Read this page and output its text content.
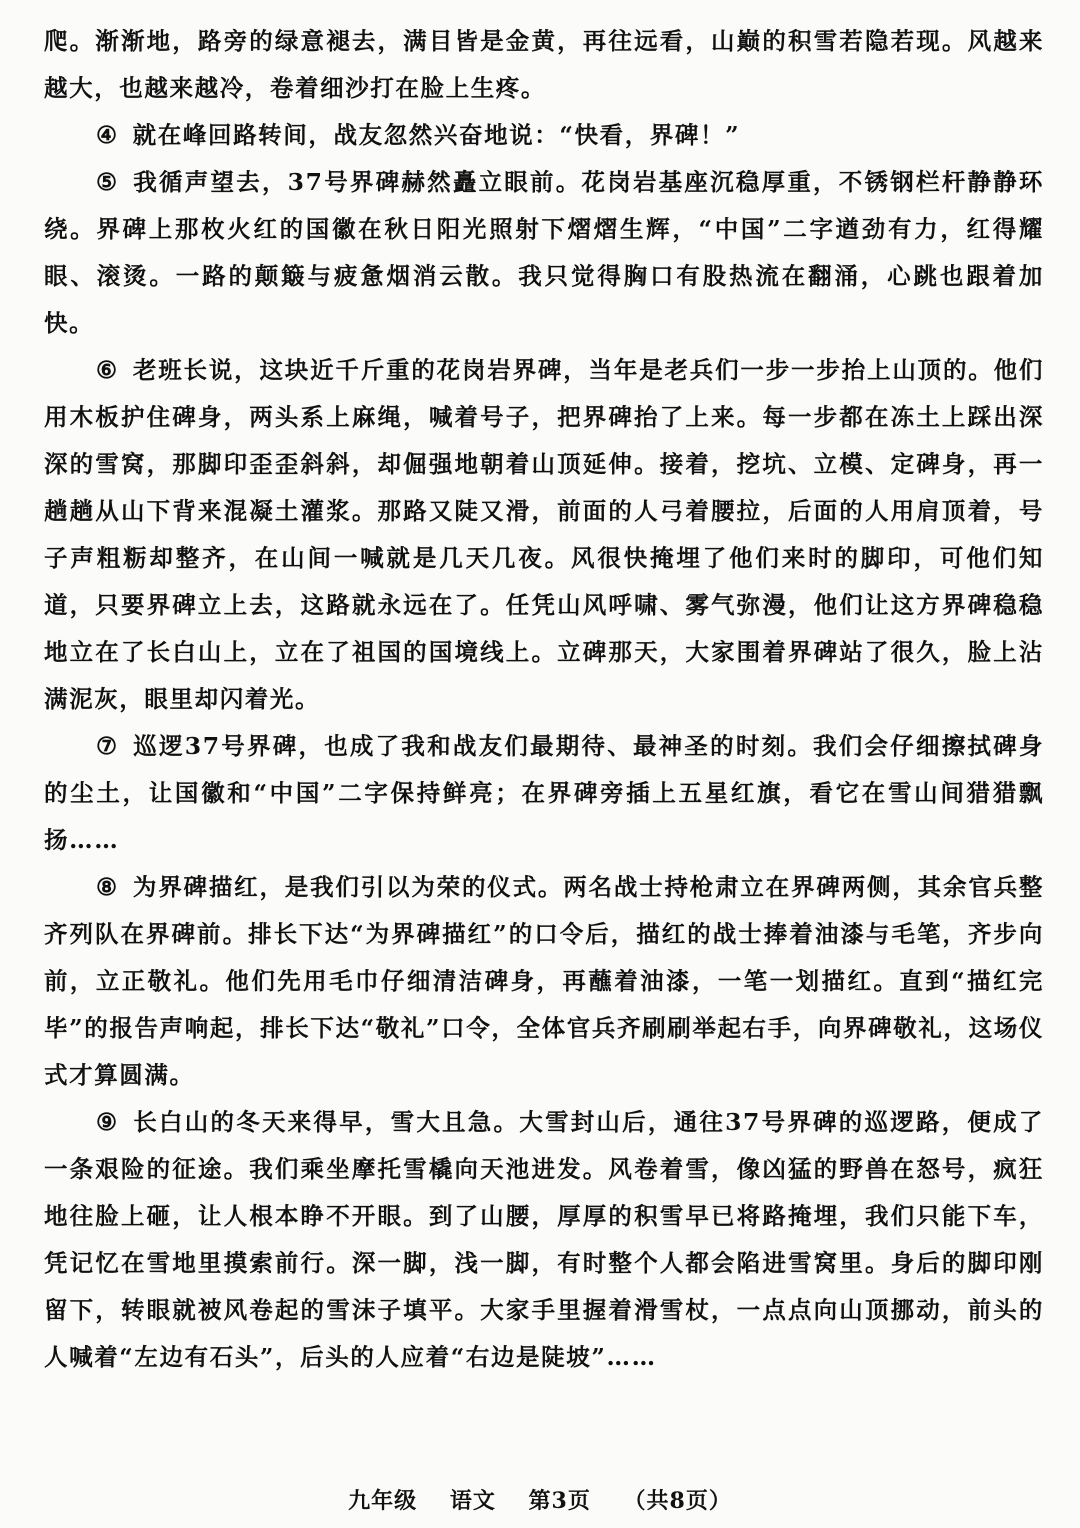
爬。渐渐地，路旁的绿意褪去，满目皆是金黄，再往远看，山巅的积雪若隐若现。风越来越大，也越来越冷，卷着细沙打在脸上生疼。

④ 就在峰回路转间，战友忽然兴奋地说：“快看，界碑！”

⑤ 我循声望去，37号界碑赫然矗立眼前。花岗岩基座沉稳厚重，不锈钢栏杆静静环绕。界碑上那枚火红的国徽在秋日阳光照射下熠熠生辉，“中国”二字遒劲有力，红得耀眼、滚烫。一路的颠簸与疲惫烟消云散。我只觉得胸口有股热流在翻涌，心跳也跟着加快。

⑥ 老班长说，这块近千斤重的花岗岩界碑，当年是老兵们一步一步抬上山顶的。他们用木板护住碑身，两头系上麻绳，喊着号子，把界碑抬了上来。每一步都在冻土上踩出深深的雪窝，那脚印歪歪斜斜，却倔强地朝着山顶延伸。接着，挖坑、立模、定碑身，再一趟趟从山下背来混凝土灌浆。那路又陡又滑，前面的人弓着腰拉，后面的人用肩顶着，号子声粗粝却整齐，在山间一喊就是几天几夜。风很快掩埋了他们来时的脚印，可他们知道，只要界碑立上去，这路就永远在了。任凭山风呼啸、雾气弥漫，他们让这方界碑稳稳地立在了长白山上，立在了祖国的国境线上。立碑那天，大家围着界碑站了很久，脸上沾满泥灰，眼里却闪着光。

⑦ 巡逻37号界碑，也成了我和战友们最期待、最神圣的时刻。我们会仔细擦拭碑身的尘土，让国徽和“中国”二字保持鲜亮；在界碑旁插上五星红旗，看它在雪山间猎猎飘扬……

⑧ 为界碑描红，是我们引以为荣的仪式。两名战士持枪肃立在界碑两侧，其余官兵整齐列队在界碑前。排长下达“为界碑描红”的口令后，描红的战士捧着油漆与毛笔，齐步向前，立正敬礼。他们先用毛巾仔细清洁碑身，再蘸着油漆，一笔一划描红。直到“描红完毕”的报告声响起，排长下达“敬礼”口令，全体官兵齐刷刷举起右手，向界碑敬礼，这场仪式才算圆满。

⑨ 长白山的冬天来得早，雪大且急。大雪封山后，通往37号界碑的巡逻路，便成了一条艰险的征途。我们乘坐摩托雪橇向天池进发。风卷着雪，像凶猛的野兽在怒号，疯狂地往脸上砸，让人根本睁不开眼。到了山腰，厚厚的积雪早已将路掩埋，我们只能下车，凭记忆在雪地里摸索前行。深一脚，浅一脚，有时整个人都会陷进雪窝里。身后的脚印刚留下，转眼就被风卷起的雪沫子填平。大家手里握着滑雪杖，一点点向山顶挪动，前头的人喊着“左边有石头”，后头的人应着“右边是陡坡”……

九年级 语文 第3页 （共8页）
